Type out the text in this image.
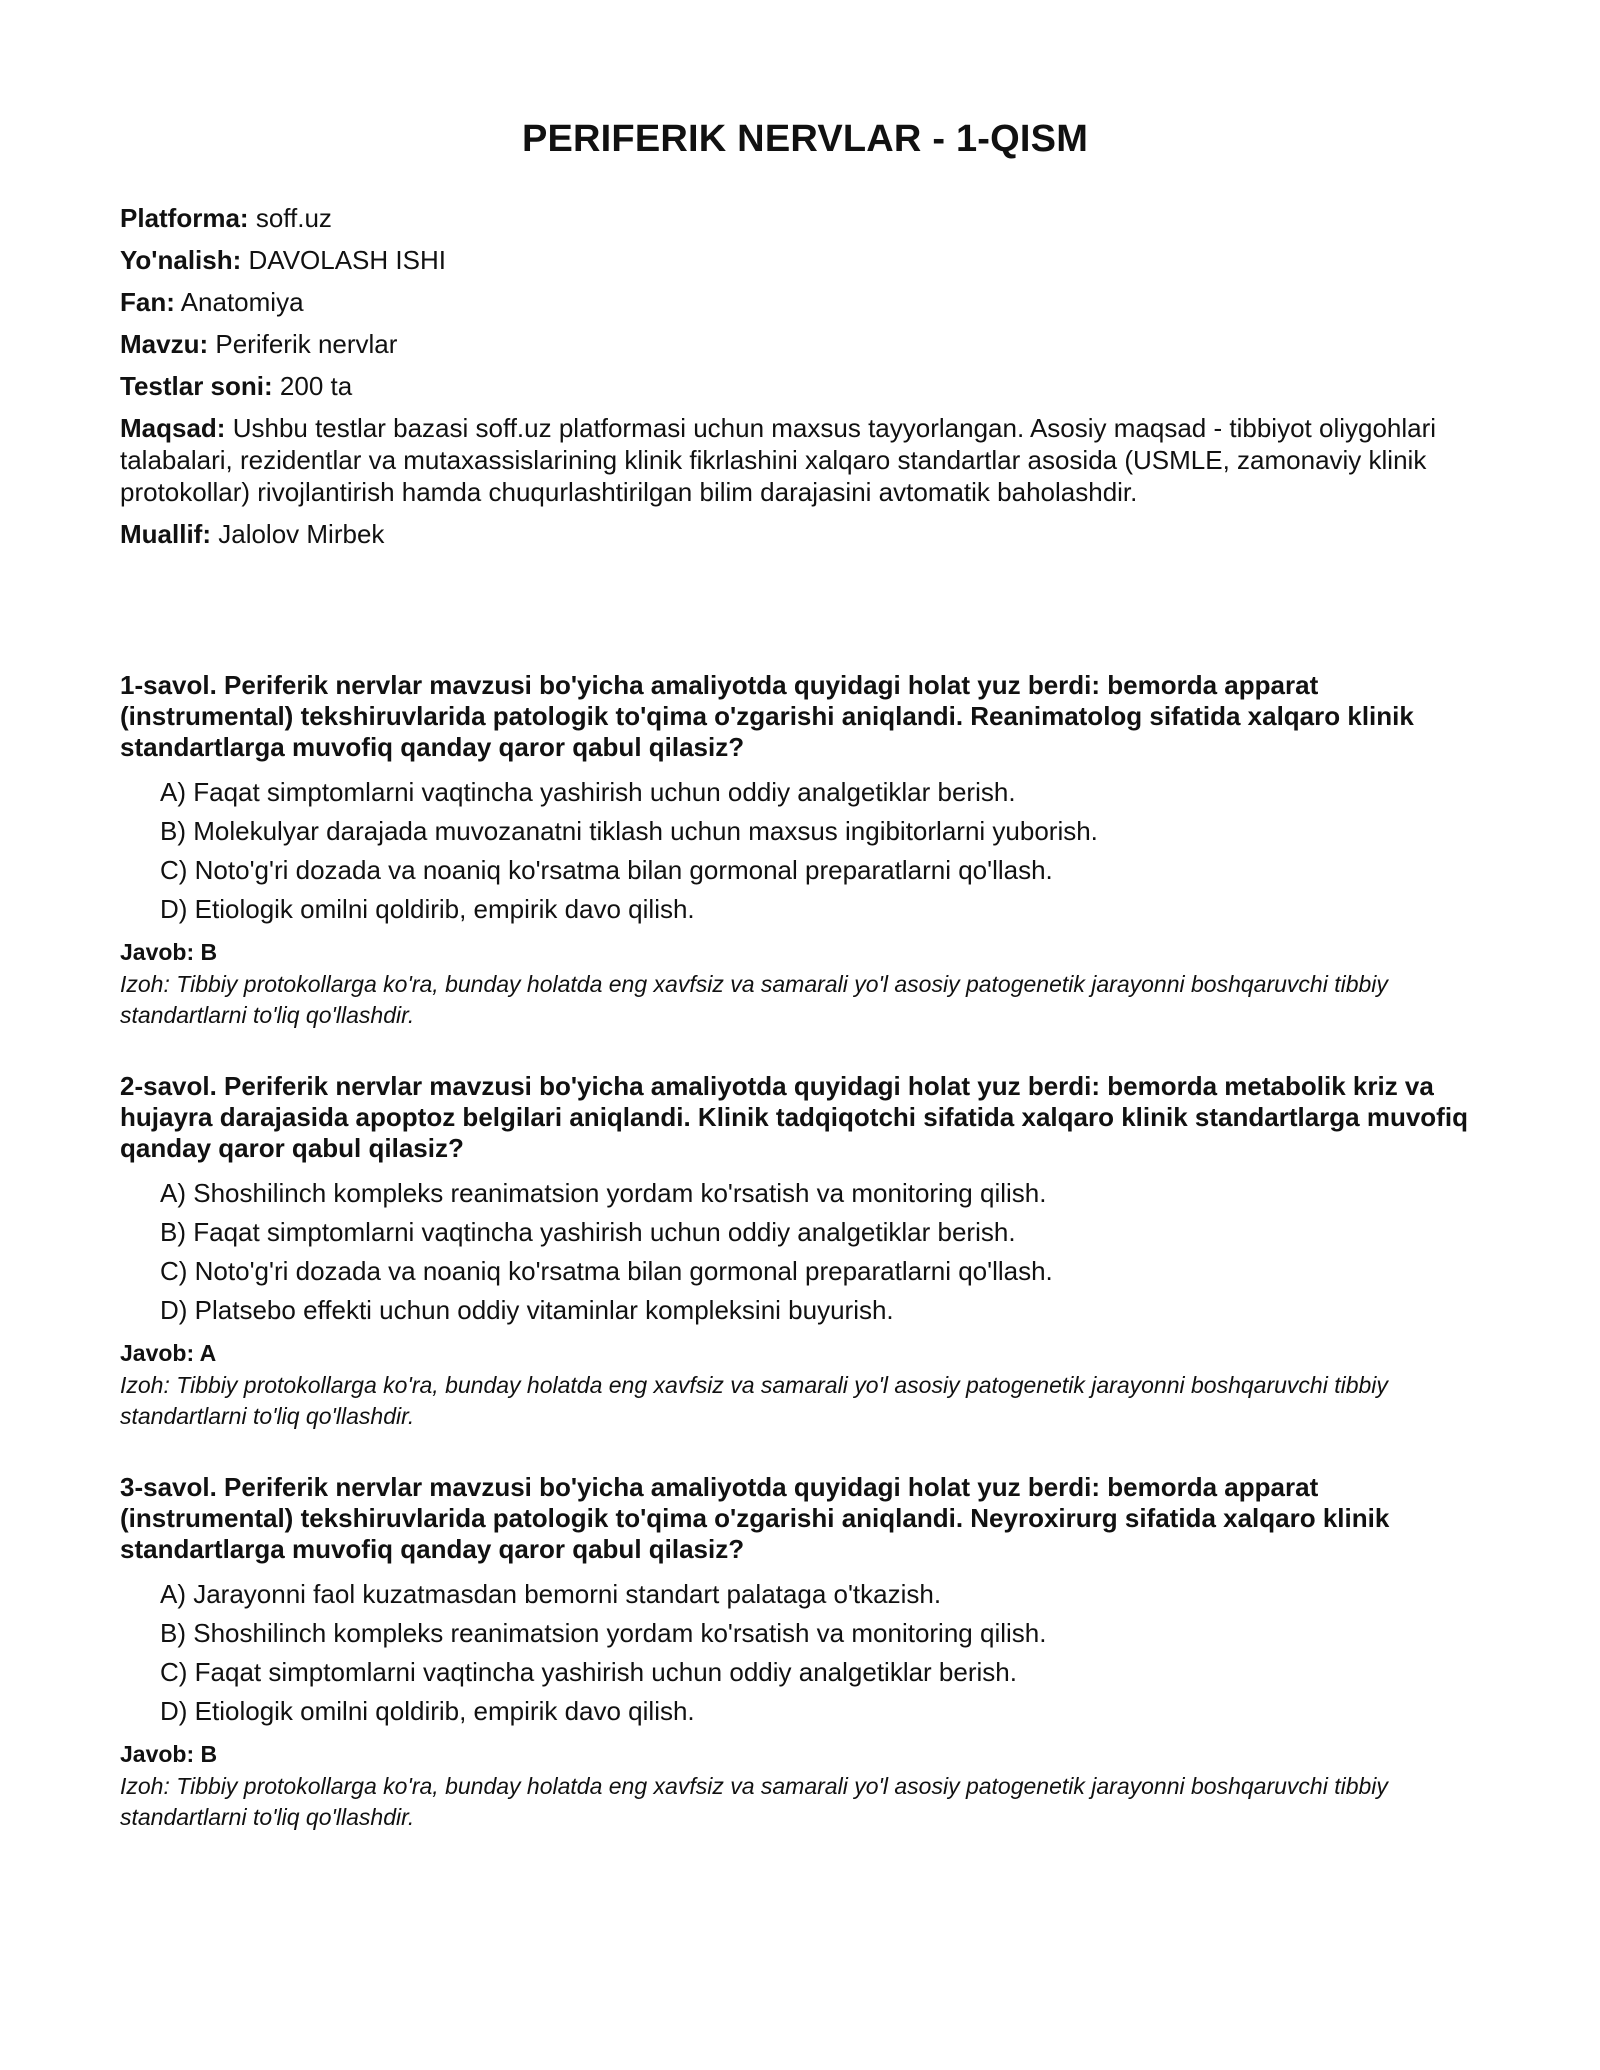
PERIFERIK NERVLAR - 1-QISM
Platforma: soff.uz
Yo'nalish: DAVOLASH ISHI
Fan: Anatomiya
Mavzu: Periferik nervlar
Testlar soni: 200 ta
Maqsad: Ushbu testlar bazasi soff.uz platformasi uchun maxsus tayyorlangan. Asosiy maqsad - tibbiyot oliygohlari talabalari, rezidentlar va mutaxassislarining klinik fikrlashini xalqaro standartlar asosida (USMLE, zamonaviy klinik protokollar) rivojlantirish hamda chuqurlashtirilgan bilim darajasini avtomatik baholashdir.
Muallif: Jalolov Mirbek
1-savol. Periferik nervlar mavzusi bo'yicha amaliyotda quyidagi holat yuz berdi: bemorda apparat (instrumental) tekshiruvlarida patologik to'qima o'zgarishi aniqlandi. Reanimatolog sifatida xalqaro klinik standartlarga muvofiq qanday qaror qabul qilasiz?
A) Faqat simptomlarni vaqtincha yashirish uchun oddiy analgetiklar berish.
B) Molekulyar darajada muvozanatni tiklash uchun maxsus ingibitorlarni yuborish.
C) Noto'g'ri dozada va noaniq ko'rsatma bilan gormonal preparatlarni qo'llash.
D) Etiologik omilni qoldirib, empirik davo qilish.
Javob: B
Izoh: Tibbiy protokollarga ko'ra, bunday holatda eng xavfsiz va samarali yo'l asosiy patogenetik jarayonni boshqaruvchi tibbiy standartlarni to'liq qo'llashdir.
2-savol. Periferik nervlar mavzusi bo'yicha amaliyotda quyidagi holat yuz berdi: bemorda metabolik kriz va hujayra darajasida apoptoz belgilari aniqlandi. Klinik tadqiqotchi sifatida xalqaro klinik standartlarga muvofiq qanday qaror qabul qilasiz?
A) Shoshilinch kompleks reanimatsion yordam ko'rsatish va monitoring qilish.
B) Faqat simptomlarni vaqtincha yashirish uchun oddiy analgetiklar berish.
C) Noto'g'ri dozada va noaniq ko'rsatma bilan gormonal preparatlarni qo'llash.
D) Platsebo effekti uchun oddiy vitaminlar kompleksini buyurish.
Javob: A
Izoh: Tibbiy protokollarga ko'ra, bunday holatda eng xavfsiz va samarali yo'l asosiy patogenetik jarayonni boshqaruvchi tibbiy standartlarni to'liq qo'llashdir.
3-savol. Periferik nervlar mavzusi bo'yicha amaliyotda quyidagi holat yuz berdi: bemorda apparat (instrumental) tekshiruvlarida patologik to'qima o'zgarishi aniqlandi. Neyroxirurg sifatida xalqaro klinik standartlarga muvofiq qanday qaror qabul qilasiz?
A) Jarayonni faol kuzatmasdan bemorni standart palataga o'tkazish.
B) Shoshilinch kompleks reanimatsion yordam ko'rsatish va monitoring qilish.
C) Faqat simptomlarni vaqtincha yashirish uchun oddiy analgetiklar berish.
D) Etiologik omilni qoldirib, empirik davo qilish.
Javob: B
Izoh: Tibbiy protokollarga ko'ra, bunday holatda eng xavfsiz va samarali yo'l asosiy patogenetik jarayonni boshqaruvchi tibbiy standartlarni to'liq qo'llashdir.
